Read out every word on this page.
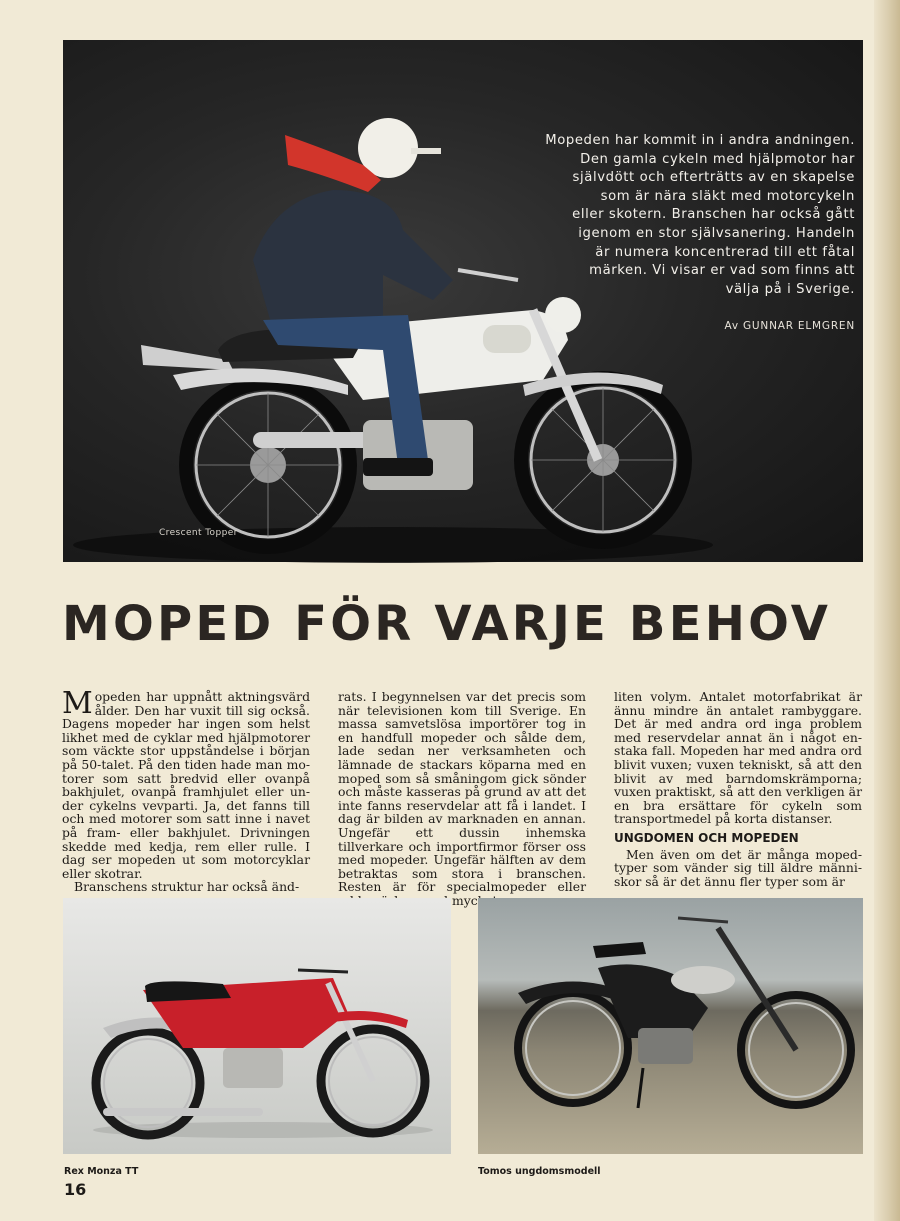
Mopeden har kommit in i andra andningen.
Den gamla cykeln med hjälpmotor har
självdött och efterträtts av en skapelse
som är nära släkt med motorcykeln
eller skotern. Branschen har också gått
igenom en stor självsanering. Handeln
är numera koncentrerad till ett fåtal
märken. Vi visar er vad som finns att
välja på i Sverige.
Av GUNNAR ELMGREN
Crescent Topper
MOPED FÖR VARJE BEHOV

Mopeden har uppnått aktningsvärd ålder. Den har vuxit till sig också. Dagens mopeder har ingen som helst likhet med de cyklar med hjälpmotorer som väckte stor uppståndelse i början på 50-talet. På den tiden hade man motorer som satt bredvid eller ovanpå bakhjulet, ovanpå framhjulet eller under cykelns vevparti. Ja, det fanns till och med motorer som satt inne i navet på fram- eller bakhjulet. Drivningen skedde med kedja, rem eller rulle. I dag ser mopeden ut som motorcyklar eller skotrar.

Branschens struktur har också änd-

rats. I begynnelsen var det precis som när televisionen kom till Sverige. En massa samvetslösa importörer tog in en handfull mopeder och sålde dem, lade sedan ner verksamheten och lämnade de stackars köparna med en moped som så småningom gick sönder och måste kasseras på grund av att det inte fanns reservdelar att få i landet. I dag är bilden av marknaden en annan. Ungefär ett dussin inhemska tillverkare och importfirmor förser oss med mopeder. Ungefär hälften av dem betraktas som stora i branschen. Resten är för specialmopeder eller mycket

liten volym. Antalet motorfabrikat är ännu mindre än antalet rambyggare. Det är med andra ord inga problem med reservdelar annat än i något enstaka fall. Mopeden har med andra ord blivit vuxen; vuxen tekniskt, så att den blivit av med barndomskrämporna; vuxen praktiskt, så att den verkligen är en bra ersättare för cykeln som transportmedel på korta distanser.

UNGDOMEN OCH MOPEDEN

Men även om det är många mopedtyper som vänder sig till äldre människor så är det ännu fler typer som är

Rex Monza TT	Tomos ungdomsmodell
16
